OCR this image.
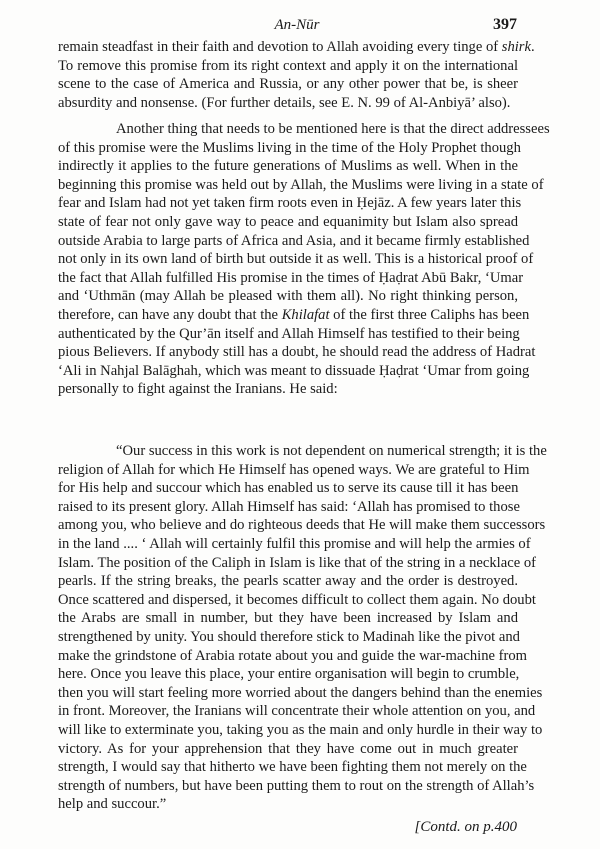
An-Nūr	397
remain steadfast in their faith and devotion to Allah avoiding every tinge of shirk.
To remove this promise from its right context and apply it on the international
scene to the case of America and Russia, or any other power that be, is sheer
absurdity and nonsense. (For further details, see E. N. 99 of Al-Anbiyā’ also).
Another thing that needs to be mentioned here is that the direct addressees
of this promise were the Muslims living in the time of the Holy Prophet though
indirectly it applies to the future generations of Muslims as well. When in the
beginning this promise was held out by Allah, the Muslims were living in a state of
fear and Islam had not yet taken firm roots even in Ḥejāz. A few years later this
state of fear not only gave way to peace and equanimity but Islam also spread
outside Arabia to large parts of Africa and Asia, and it became firmly established
not only in its own land of birth but outside it as well. This is a historical proof of
the fact that Allah fulfilled His promise in the times of Ḥaḍrat Abū Bakr, ‘Umar
and ‘Uthmān (may Allah be pleased with them all). No right thinking person,
therefore, can have any doubt that the Khilafat of the first three Caliphs has been
authenticated by the Qur’ān itself and Allah Himself has testified to their being
pious Believers. If anybody still has a doubt, he should read the address of Hadrat
‘Ali in Nahjal Balāghah, which was meant to dissuade Ḥaḍrat ‘Umar from going
personally to fight against the Iranians. He said:
“Our success in this work is not dependent on numerical strength; it is the
religion of Allah for which He Himself has opened ways. We are grateful to Him
for His help and succour which has enabled us to serve its cause till it has been
raised to its present glory. Allah Himself has said: ‘Allah has promised to those
among you, who believe and do righteous deeds that He will make them successors
in the land .... ‘ Allah will certainly fulfil this promise and will help the armies of
Islam. The position of the Caliph in Islam is like that of the string in a necklace of
pearls. If the string breaks, the pearls scatter away and the order is destroyed.
Once scattered and dispersed, it becomes difficult to collect them again. No doubt
the Arabs are small in number, but they have been increased by Islam and
strengthened by unity. You should therefore stick to Madinah like the pivot and
make the grindstone of Arabia rotate about you and guide the war-machine from
here. Once you leave this place, your entire organisation will begin to crumble,
then you will start feeling more worried about the dangers behind than the enemies
in front. Moreover, the Iranians will concentrate their whole attention on you, and
will like to exterminate you, taking you as the main and only hurdle in their way to
victory. As for your apprehension that they have come out in much greater
strength, I would say that hitherto we have been fighting them not merely on the
strength of numbers, but have been putting them to rout on the strength of Allah’s
help and succour.”
[Contd. on p.400
